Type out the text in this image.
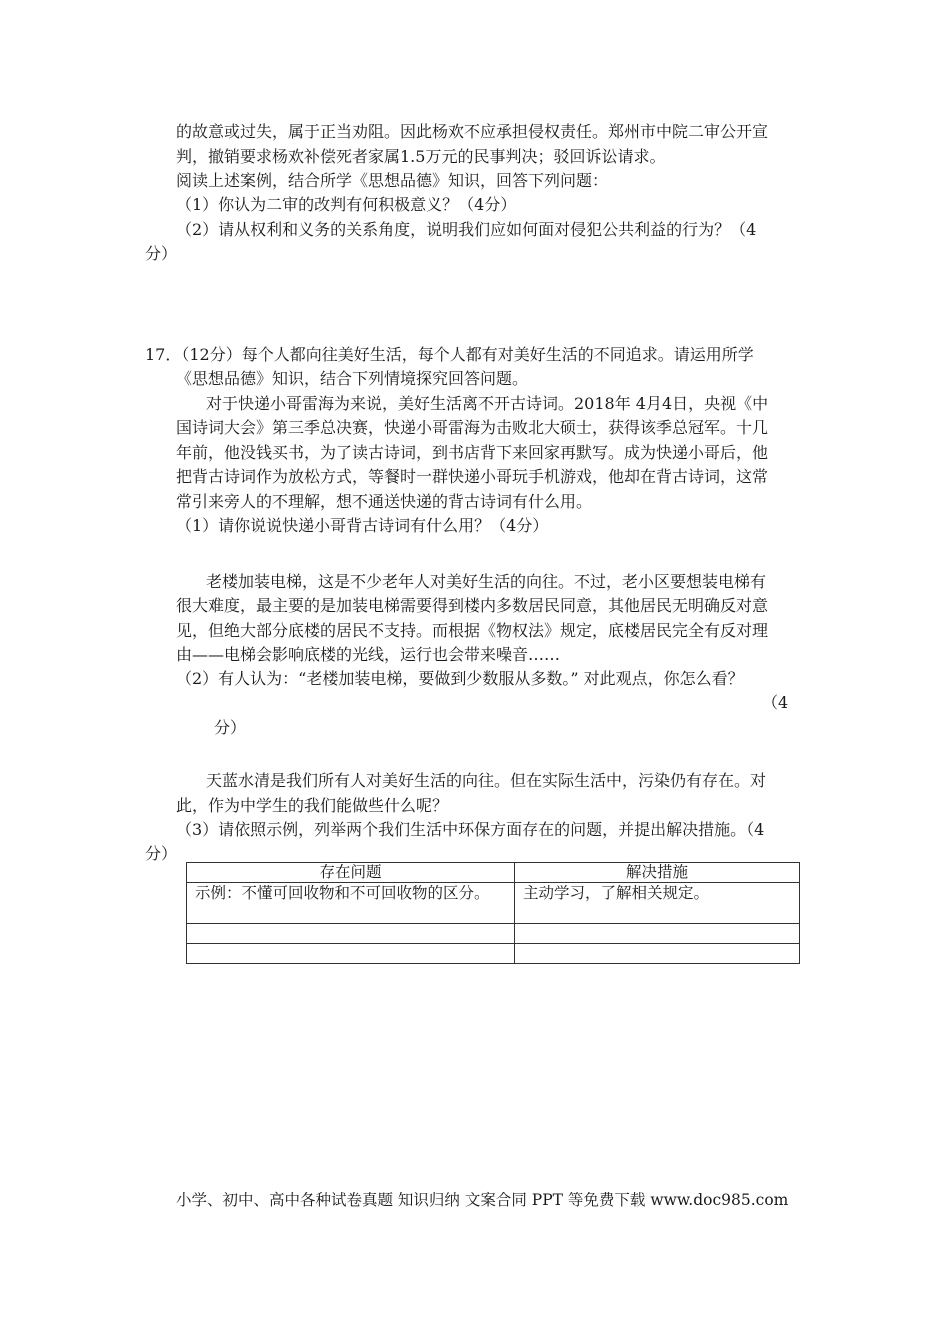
的故意或过失，属于正当劝阻。因此杨欢不应承担侵权责任。郑州市中院二审公开宣
判，撤销要求杨欢补偿死者家属1.5万元的民事判决；驳回诉讼请求。
阅读上述案例，结合所学《思想品德》知识，回答下列问题：
（1）你认为二审的改判有何积极意义？（4分）
（2）请从权利和义务的关系角度，说明我们应如何面对侵犯公共利益的行为？（4
分）
17．（12分）每个人都向往美好生活，每个人都有对美好生活的不同追求。请运用所学
《思想品德》知识，结合下列情境探究回答问题。
对于快递小哥雷海为来说，美好生活离不开古诗词。2018年 4月4日，央视《中
国诗词大会》第三季总决赛，快递小哥雷海为击败北大硕士，获得该季总冠军。十几
年前，他没钱买书，为了读古诗词，到书店背下来回家再默写。成为快递小哥后，他
把背古诗词作为放松方式，等餐时一群快递小哥玩手机游戏，他却在背古诗词，这常
常引来旁人的不理解，想不通送快递的背古诗词有什么用。
（1）请你说说快递小哥背古诗词有什么用？（4分）
老楼加装电梯，这是不少老年人对美好生活的向往。不过，老小区要想装电梯有
很大难度，最主要的是加装电梯需要得到楼内多数居民同意，其他居民无明确反对意
见，但绝大部分底楼的居民不支持。而根据《物权法》规定，底楼居民完全有反对理
由——电梯会影响底楼的光线，运行也会带来噪音……
（2）有人认为：“老楼加装电梯，要做到少数服从多数。” 对此观点，你怎么看？
（4
分）
天蓝水清是我们所有人对美好生活的向往。但在实际生活中，污染仍有存在。对
此，作为中学生的我们能做些什么呢？
（3）请依照示例，列举两个我们生活中环保方面存在的问题，并提出解决措施。（4
分）
存在问题	解决措施
示例：不懂可回收物和不可回收物的区分。	主动学习，了解相关规定。

小学、初中、高中各种试卷真题 知识归纳 文案合同 PPT 等免费下载 www.doc985.com
